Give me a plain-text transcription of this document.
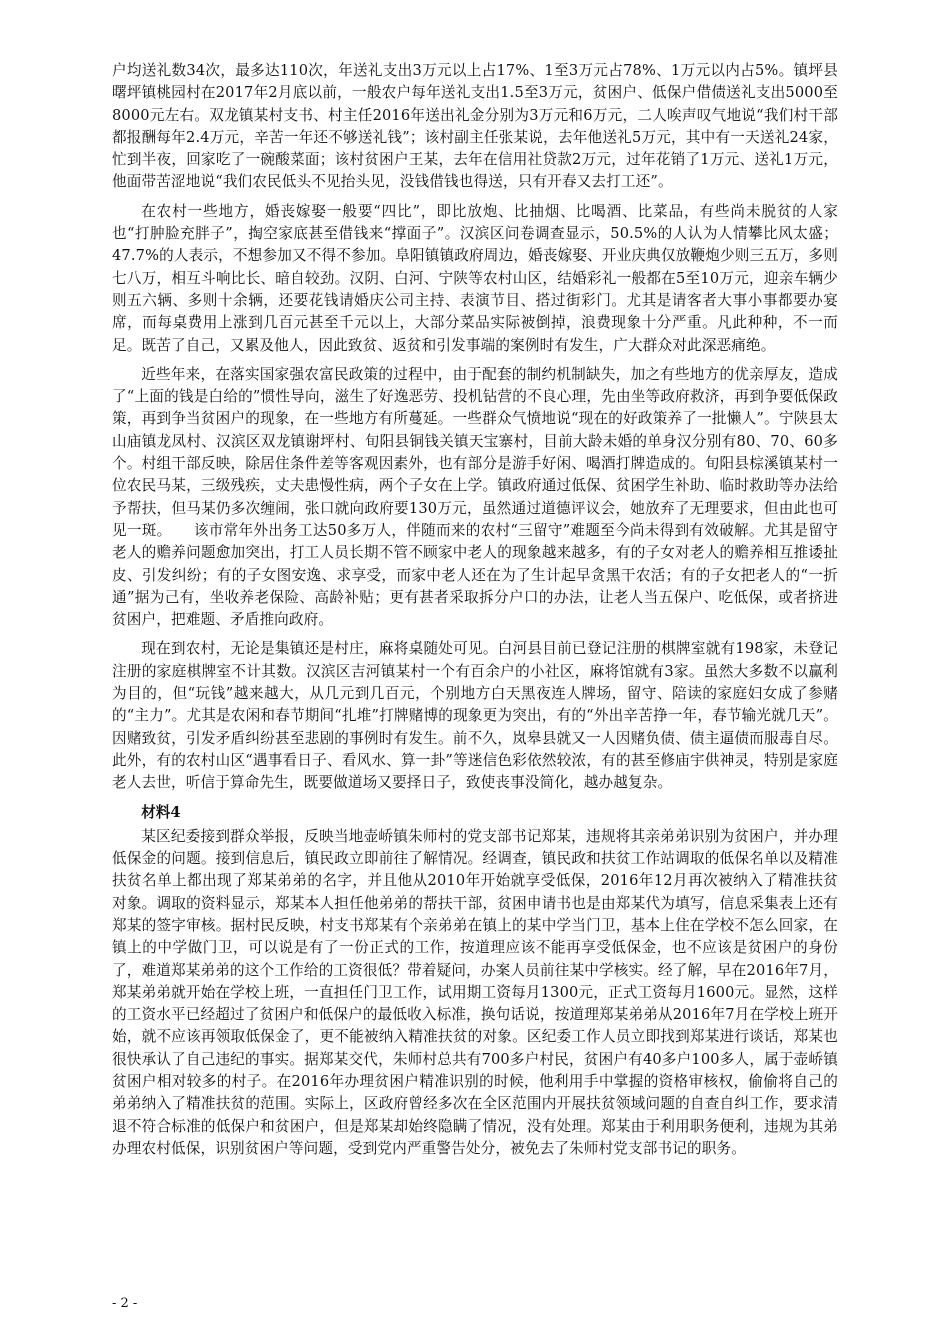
户均送礼数34次，最多达110次，年送礼支出3万元以上占17%、1至3万元占78%、1万元以内占5%。镇坪县曙坪镇桃园村在2017年2月底以前，一般农户每年送礼支出1.5至3万元，贫困户、低保户借债送礼支出5000至8000元左右。双龙镇某村支书、村主任2016年送出礼金分别为3万元和6万元，二人唉声叹气地说“我们村干部都报酬每年2.4万元，辛苦一年还不够送礼钱”；该村副主任张某说，去年他送礼5万元，其中有一天送礼24家，忙到半夜，回家吃了一碗酸菜面；该村贫困户王某，去年在信用社贷款2万元，过年花销了1万元、送礼1万元，他面带苦涩地说“我们农民低头不见抬头见，没钱借钱也得送，只有开春又去打工还”。

在农村一些地方，婚丧嫁娶一般要“四比”，即比放炮、比抽烟、比喝酒、比菜品，有些尚未脱贫的人家也“打肿脸充胖子”，掏空家底甚至借钱来“撑面子”。汉滨区问卷调查显示，50.5%的人认为人情攀比风太盛；47.7%的人表示，不想参加又不得不参加。阜阳镇镇政府周边，婚丧嫁娶、开业庆典仅放鞭炮少则三五万，多则七八万，相互斗响比长、暗自较劲。汉阴、白河、宁陕等农村山区，结婚彩礼一般都在5至10万元，迎亲车辆少则五六辆、多则十余辆，还要花钱请婚庆公司主持、表演节目、搭过街彩门。尤其是请客者大事小事都要办宴席，而每桌费用上涨到几百元甚至千元以上，大部分菜品实际被倒掉，浪费现象十分严重。凡此种种，不一而足。既苦了自己，又累及他人，因此致贫、返贫和引发事端的案例时有发生，广大群众对此深恶痛绝。

近些年来，在落实国家强农富民政策的过程中，由于配套的制约机制缺失，加之有些地方的优亲厚友，造成了“上面的钱是白给的”惯性导向，滋生了好逸恶劳、投机钻营的不良心理，先由坐等政府救济，再到争要低保政策，再到争当贫困户的现象，在一些地方有所蔓延。一些群众气愤地说“现在的好政策养了一批懒人”。宁陕县太山庙镇龙凤村、汉滨区双龙镇谢坪村、旬阳县铜钱关镇天宝寨村，目前大龄未婚的单身汉分别有80、70、60多个。村组干部反映，除居住条件差等客观因素外，也有部分是游手好闲、喝酒打牌造成的。旬阳县棕溪镇某村一位农民马某，三级残疾，丈夫患慢性病，两个子女在上学。镇政府通过低保、贫困学生补助、临时救助等办法给予帮扶，但马某仍多次缠闹，张口就向政府要130万元，虽然通过道德评议会，她放弃了无理要求，但由此也可见一斑。　　该市常年外出务工达50多万人，伴随而来的农村“三留守”难题至今尚未得到有效破解。尤其是留守老人的赡养问题愈加突出，打工人员长期不管不顾家中老人的现象越来越多，有的子女对老人的赡养相互推诿扯皮、引发纠纷；有的子女图安逸、求享受，而家中老人还在为了生计起早贪黑干农活；有的子女把老人的“一折通”据为己有，坐收养老保险、高龄补贴；更有甚者采取拆分户口的办法，让老人当五保户、吃低保，或者挤进贫困户，把难题、矛盾推向政府。

现在到农村，无论是集镇还是村庄，麻将桌随处可见。白河县目前已登记注册的棋牌室就有198家，未登记注册的家庭棋牌室不计其数。汉滨区吉河镇某村一个有百余户的小社区，麻将馆就有3家。虽然大多数不以赢利为目的，但“玩钱”越来越大，从几元到几百元，个别地方白天黑夜连人牌场，留守、陪读的家庭妇女成了参赌的“主力”。尤其是农闲和春节期间“扎堆”打牌赌博的现象更为突出，有的“外出辛苦挣一年，春节输光就几天”。因赌致贫，引发矛盾纠纷甚至悲剧的事例时有发生。前不久，岚皋县就又一人因赌负债、债主逼债而服毒自尽。此外，有的农村山区“遇事看日子、看风水、算一卦”等迷信色彩依然较浓，有的甚至修庙宇供神灵，特别是家庭老人去世，听信于算命先生，既要做道场又要择日子，致使丧事没简化，越办越复杂。

材料4

某区纪委接到群众举报，反映当地壶峤镇朱师村的党支部书记郑某，违规将其亲弟弟识别为贫困户，并办理低保金的问题。接到信息后，镇民政立即前往了解情况。经调查，镇民政和扶贫工作站调取的低保名单以及精准扶贫名单上都出现了郑某弟弟的名字，并且他从2010年开始就享受低保，2016年12月再次被纳入了精准扶贫对象。调取的资料显示，郑某本人担任他弟弟的帮扶干部，贫困申请书也是由郑某代为填写，信息采集表上还有郑某的签字审核。据村民反映，村支书郑某有个亲弟弟在镇上的某中学当门卫，基本上住在学校不怎么回家，在镇上的中学做门卫，可以说是有了一份正式的工作，按道理应该不能再享受低保金，也不应该是贫困户的身份了，难道郑某弟弟的这个工作给的工资很低？带着疑问，办案人员前往某中学核实。经了解，早在2016年7月，郑某弟弟就开始在学校上班，一直担任门卫工作，试用期工资每月1300元，正式工资每月1600元。显然，这样的工资水平已经超过了贫困户和低保户的最低收入标准，换句话说，按道理郑某弟弟从2016年7月在学校上班开始，就不应该再领取低保金了，更不能被纳入精准扶贫的对象。区纪委工作人员立即找到郑某进行谈话，郑某也很快承认了自己违纪的事实。据郑某交代，朱师村总共有700多户村民，贫困户有40多户100多人，属于壶峤镇贫困户相对较多的村子。在2016年办理贫困户精准识别的时候，他利用手中掌握的资格审核权，偷偷将自己的弟弟纳入了精准扶贫的范围。实际上，区政府曾经多次在全区范围内开展扶贫领域问题的自查自纠工作，要求清退不符合标准的低保户和贫困户，但是郑某却始终隐瞒了情况，没有处理。郑某由于利用职务便利，违规为其弟办理农村低保，识别贫困户等问题，受到党内严重警告处分，被免去了朱师村党支部书记的职务。

- 2 -
